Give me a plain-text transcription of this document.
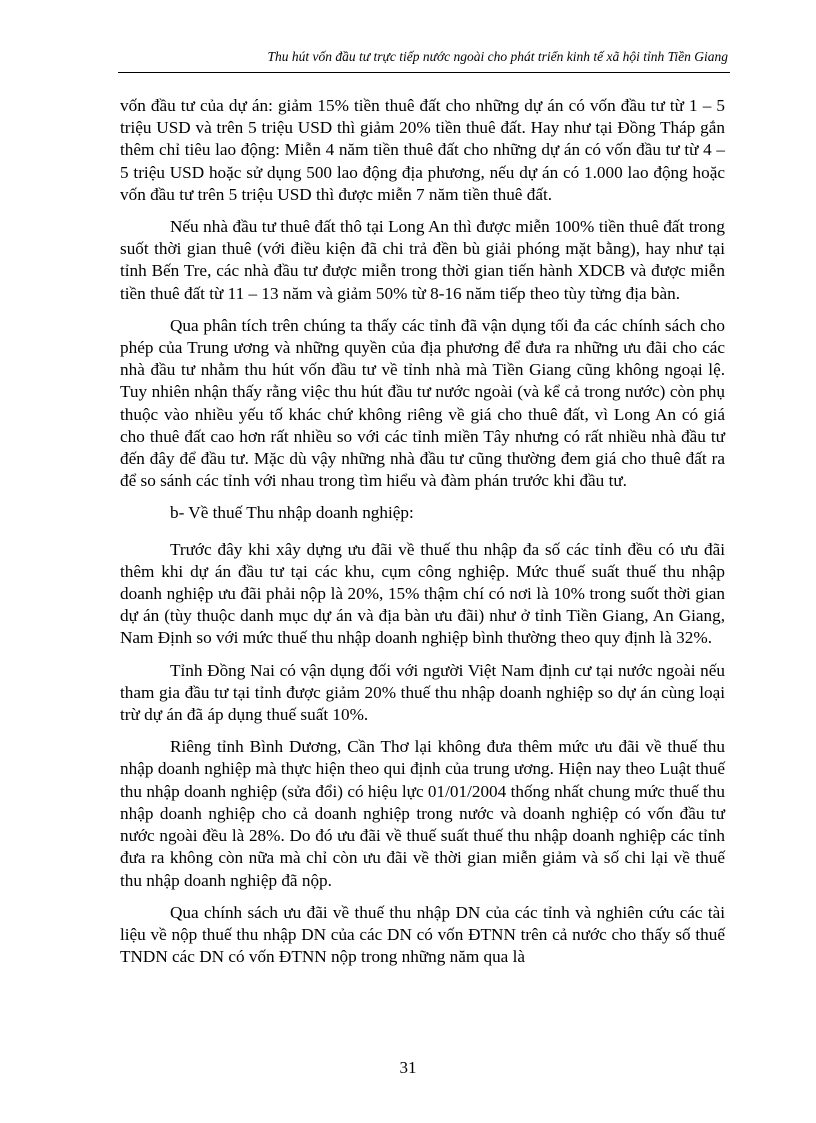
Thu hút vốn đầu tư trực tiếp nước ngoài cho phát triển kinh tế xã hội tỉnh Tiền Giang

vốn đầu tư của dự án: giảm 15% tiền thuê đất cho những dự án có vốn đầu tư từ 1 – 5 triệu USD và trên 5 triệu USD thì giảm 20% tiền thuê đất. Hay như tại Đồng Tháp gắn thêm chỉ tiêu lao động: Miễn 4 năm tiền thuê đất cho những dự án có vốn đầu tư từ 4 – 5 triệu USD hoặc sử dụng 500 lao động địa phương, nếu dự án có 1.000 lao động hoặc vốn đầu tư trên 5 triệu USD thì được miễn 7 năm tiền thuê đất.

Nếu nhà đầu tư thuê đất thô tại Long An thì được miễn 100% tiền thuê đất trong suốt thời gian thuê (với điều kiện đã chi trả đền bù giải phóng mặt bằng), hay như tại tỉnh Bến Tre, các nhà đầu tư được miễn trong thời gian tiến hành XDCB và được miễn tiền thuê đất từ 11 – 13 năm và giảm 50% từ 8-16 năm tiếp theo tùy từng địa bàn.

Qua phân tích trên chúng ta thấy các tỉnh đã vận dụng tối đa các chính sách cho phép của Trung ương và những quyền của địa phương để đưa ra những ưu đãi cho các nhà đầu tư nhằm thu hút vốn đầu tư về tỉnh nhà mà Tiền Giang cũng không ngoại lệ. Tuy nhiên nhận thấy rằng việc thu hút đầu tư nước ngoài (và kể cả trong nước) còn phụ thuộc vào nhiều yếu tố khác chứ không riêng về giá cho thuê đất, vì Long An có giá cho thuê đất cao hơn rất nhiều so với các tỉnh miền Tây nhưng có rất nhiều nhà đầu tư đến đây để đầu tư. Mặc dù vậy những nhà đầu tư cũng thường đem giá cho thuê đất ra để so sánh các tỉnh với nhau trong tìm hiểu và đàm phán trước khi đầu tư.

b- Về thuế Thu nhập doanh nghiệp:

Trước đây khi xây dựng ưu đãi về thuế thu nhập đa số các tỉnh đều có ưu đãi thêm khi dự án đầu tư tại các khu, cụm công nghiệp. Mức thuế suất thuế thu nhập doanh nghiệp ưu đãi phải nộp là 20%, 15% thậm chí có nơi là 10% trong suốt thời gian dự án (tùy thuộc danh mục dự án và địa bàn ưu đãi) như ở tỉnh Tiền Giang, An Giang, Nam Định so với mức thuế thu nhập doanh nghiệp bình thường theo quy định là 32%.

Tỉnh Đồng Nai có vận dụng đối với người Việt Nam định cư tại nước ngoài nếu tham gia đầu tư tại tỉnh được giảm 20% thuế thu nhập doanh nghiệp so dự án cùng loại trừ dự án đã áp dụng thuế suất 10%.

Riêng tỉnh Bình Dương, Cần Thơ lại không đưa thêm mức ưu đãi về thuế thu nhập doanh nghiệp mà thực hiện theo qui định của trung ương. Hiện nay theo Luật thuế thu nhập doanh nghiệp (sửa đổi) có hiệu lực 01/01/2004 thống nhất chung mức thuế thu nhập doanh nghiệp cho cả doanh nghiệp trong nước và doanh nghiệp có vốn đầu tư nước ngoài đều là 28%. Do đó ưu đãi về thuế suất thuế thu nhập doanh nghiệp các tỉnh đưa ra không còn nữa mà chỉ còn ưu đãi về thời gian miễn giảm và số chi lại về thuế thu nhập doanh nghiệp đã nộp.

Qua chính sách ưu đãi về thuế thu nhập DN của các tỉnh và nghiên cứu các tài liệu về nộp thuế thu nhập DN của các DN có vốn ĐTNN trên cả nước cho thấy số thuế TNDN các DN có vốn ĐTNN nộp trong những năm qua là

31
